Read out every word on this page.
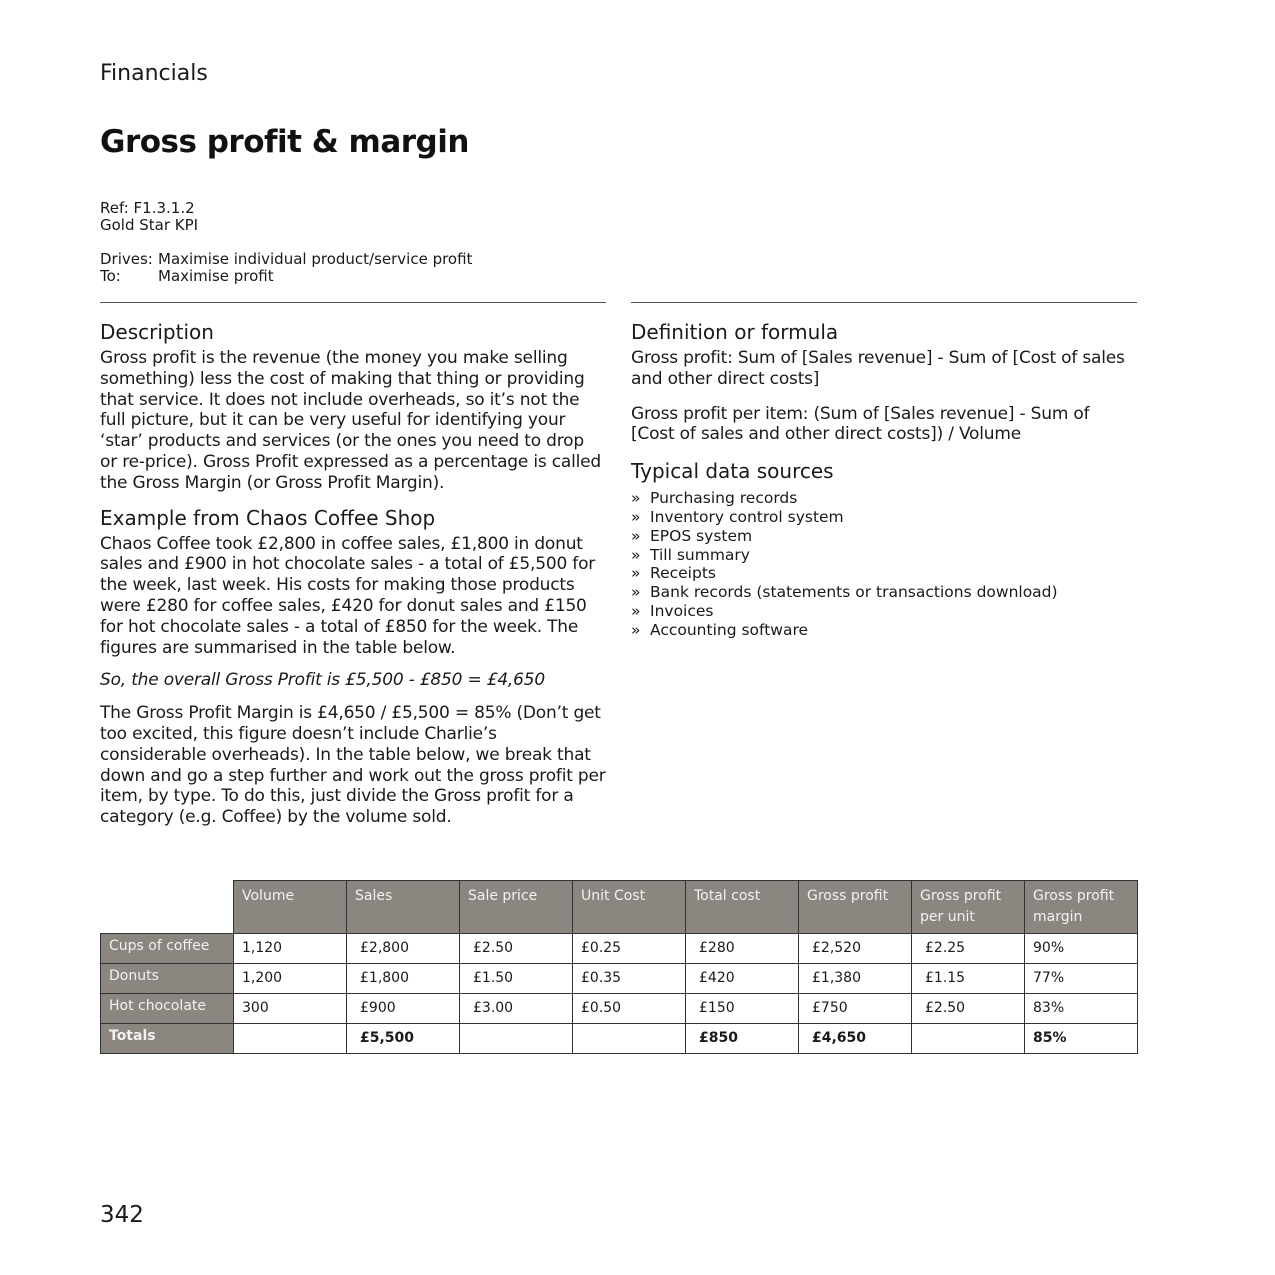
Financials
Gross profit & margin
Ref: F1.3.1.2
Gold Star KPI
Drives: Maximise individual product/service profit
To: Maximise profit
Description

Gross profit is the revenue (the money you make selling something) less the cost of making that thing or providing that service. It does not include overheads, so it’s not the full picture, but it can be very useful for identifying your ‘star’ products and services (or the ones you need to drop or re-price). Gross Profit expressed as a percentage is called the Gross Margin (or Gross Profit Margin).

Example from Chaos Coffee Shop

Chaos Coffee took £2,800 in coffee sales, £1,800 in donut sales and £900 in hot chocolate sales - a total of £5,500 for the week, last week. His costs for making those products were £280 for coffee sales, £420 for donut sales and £150 for hot chocolate sales - a total of £850 for the week. The figures are summarised in the table below.

So, the overall Gross Profit is £5,500 - £850 = £4,650

The Gross Profit Margin is £4,650 / £5,500 = 85% (Don’t get too excited, this figure doesn’t include Charlie’s considerable overheads). In the table below, we break that down and go a step further and work out the gross profit per item, by type. To do this, just divide the Gross profit for a category (e.g. Coffee) by the volume sold.

Definition or formula

Gross profit: Sum of [Sales revenue] - Sum of [Cost of sales and other direct costs]

Gross profit per item: (Sum of [Sales revenue] - Sum of [Cost of sales and other direct costs]) / Volume

Typical data sources
» Purchasing records
» Inventory control system
» EPOS system
» Till summary
» Receipts
» Bank records (statements or transactions download)
» Invoices
» Accounting software
	Volume	Sales	Sale price	Unit Cost	Total cost	Gross profit	Gross profit per unit	Gross profit margin
Cups of coffee	1,120	£2,800	£2.50	£0.25	£280	£2,520	£2.25	90%
Donuts	1,200	£1,800	£1.50	£0.35	£420	£1,380	£1.15	77%
Hot chocolate	300	£900	£3.00	£0.50	£150	£750	£2.50	83%
Totals		£5,500			£850	£4,650		85%
342
